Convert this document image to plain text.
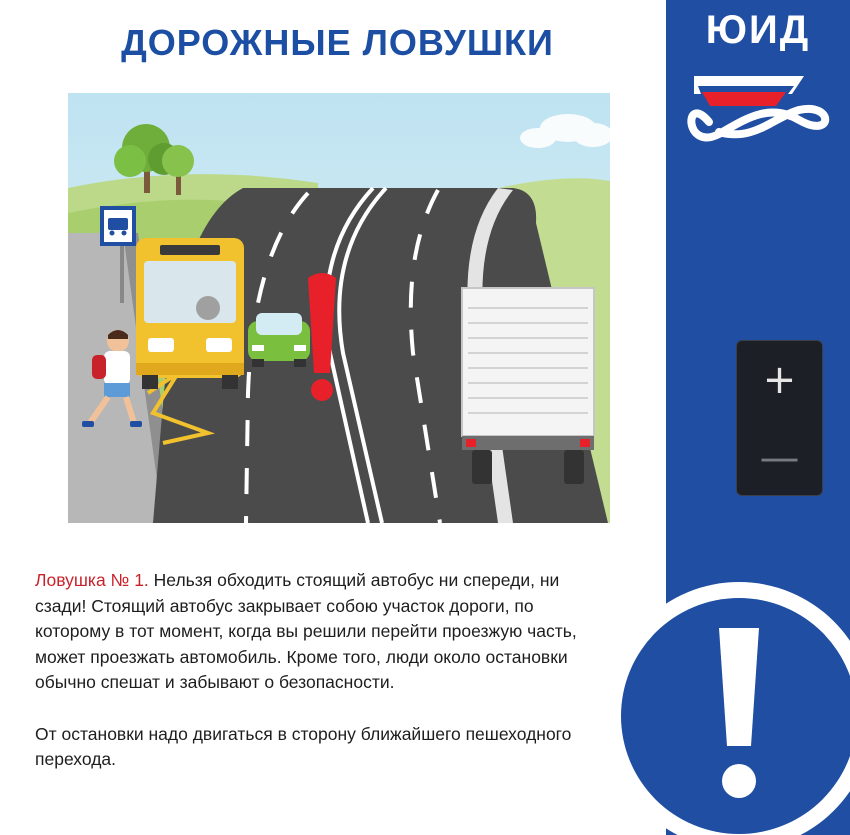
ДОРОЖНЫЕ ЛОВУШКИ

Ловушка № 1. Нельзя обходить стоящий автобус ни спереди, ни сзади! Стоящий автобус закрывает собою участок дороги, по которому в тот момент, когда вы решили перейти проезжую часть, может проезжать автомобиль. Кроме того, люди около остановки обычно спешат и забывают о безопасности.

От остановки надо двигаться в сторону ближайшего пешеходного перехода.

ЮИД
+
—
